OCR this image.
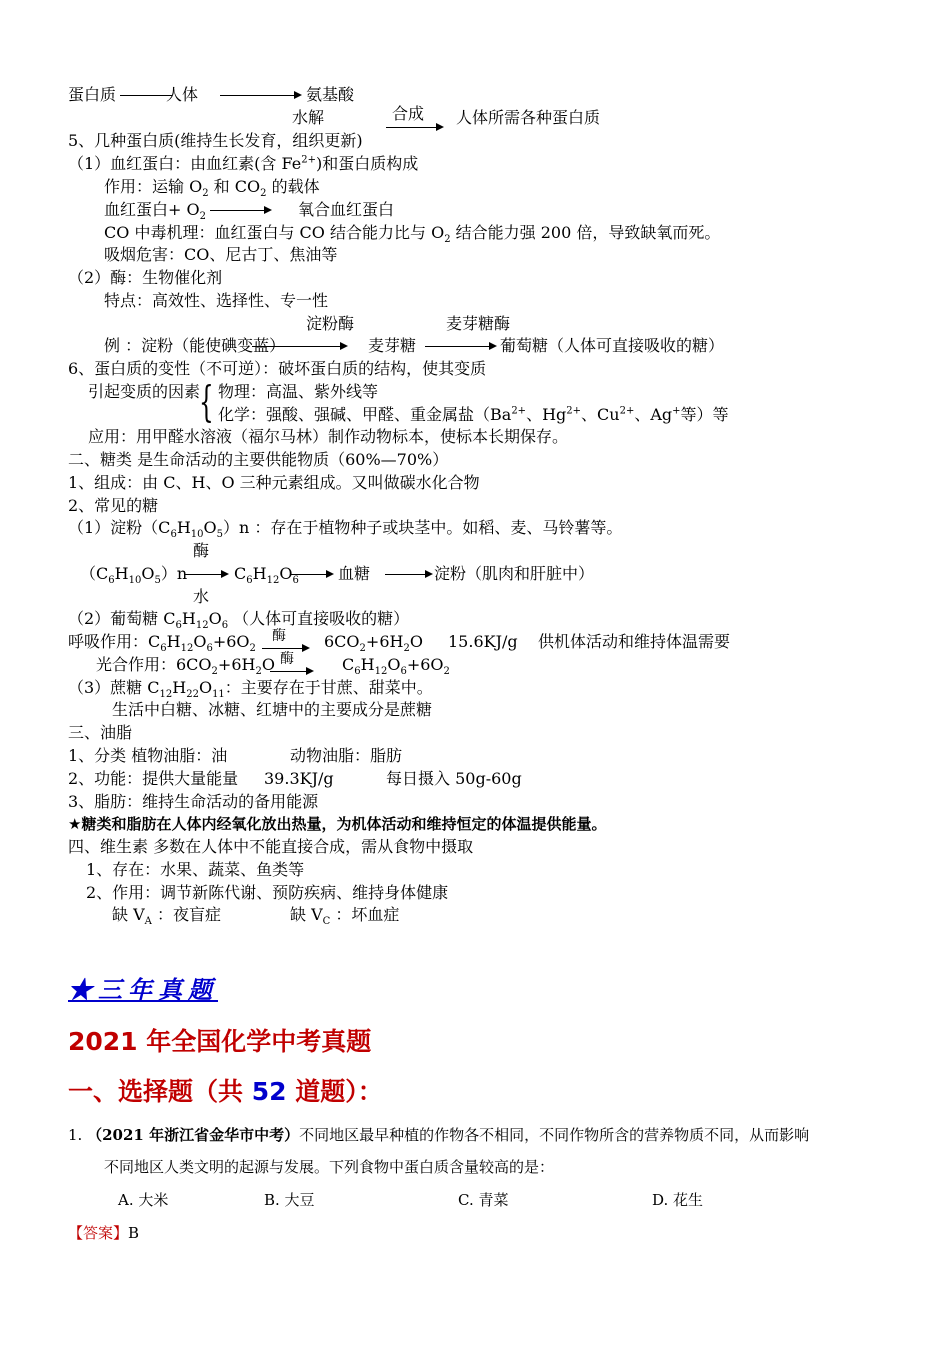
蛋白质	人体	氨基酸
水解	合成 人体所需各种蛋白质
5、几种蛋白质(维持生长发育，组织更新)
（1）血红蛋白：由血红素(含 $Fe^{2+}$)和蛋白质构成
作用：运输 $O_2$ 和 $CO_2$ 的载体
血红蛋白+ $O_2$	氧合血红蛋白
CO 中毒机理：血红蛋白与 CO 结合能力比与 $O_2$ 结合能力强 200 倍，导致缺氧而死。
吸烟危害：CO、尼古丁、焦油等
（2）酶：生物催化剂
特点：高效性、选择性、专一性
淀粉酶	麦芽糖酶
例 ：淀粉（能使碘变蓝）	麦芽糖	葡萄糖（人体可直接吸收的糖）
6、蛋白质的变性（不可逆）：破坏蛋白质的结构，使其变质
引起变质的因素
{ 物理：高温、紫外线等
化学：强酸、强碱、甲醛、重金属盐（$Ba^{2+}$、$Hg^{2+}$、$Cu^{2+}$、Ag+等）等
应用：用甲醛水溶液（福尔马林）制作动物标本，使标本长期保存。
二、糖类 是生命活动的主要供能物质（60%—70%）
1、组成：由 C、H、O 三种元素组成。又叫做碳水化合物
2、常见的糖
（1）淀粉$(C_6H_{10}O_5)n$ ：存在于植物种子或块茎中。如稻、麦、马铃薯等。
酶
$(C_6H_{10}O_5)n$	$C_6H_{12}O_6$ 血糖	淀粉（肌肉和肝脏中）
水
（2）葡萄糖 $C_6H_{12}O_6$ （人体可直接吸收的糖）
呼吸作用：$C_6H_{12}O_6+6O_2$
酶 $6CO_2+6H_2O$ 15.6KJ/g 供机体活动和维持体温需要
光合作用：$6CO_2+6H_2O$ 酶	$C_6H_{12}O_6+6O_2$
（3）蔗糖 $C_{12}H_{22}O_{11}$：主要存在于甘蔗、甜菜中。
生活中白糖、冰糖、红塘中的主要成分是蔗糖
三、油脂
1、分类 植物油脂：油	动物油脂：脂肪
2、功能：提供大量能量 39.3KJ/g	每日摄入 50g-60g
3、脂肪：维持生命活动的备用能源
★糖类和脂肪在人体内经氧化放出热量，为机体活动和维持恒定的体温提供能量。
四、维生素 多数在人体中不能直接合成，需从食物中摄取
1、存在：水果、蔬菜、鱼类等
2、作用：调节新陈代谢、预防疾病、维持身体健康
缺 $V_A$ ：夜盲症	缺 $V_C$ ：坏血症
★三年真题
2021 年全国化学中考真题
一、选择题（共 52 道题）：
1. （2021 年浙江省金华市中考）不同地区最早种植的作物各不相同，不同作物所含的营养物质不同，从而影响
不同地区人类文明的起源与发展。下列食物中蛋白质含量较高的是：
A. 大米	B. 大豆	C. 青菜	D. 花生
【答案】B
